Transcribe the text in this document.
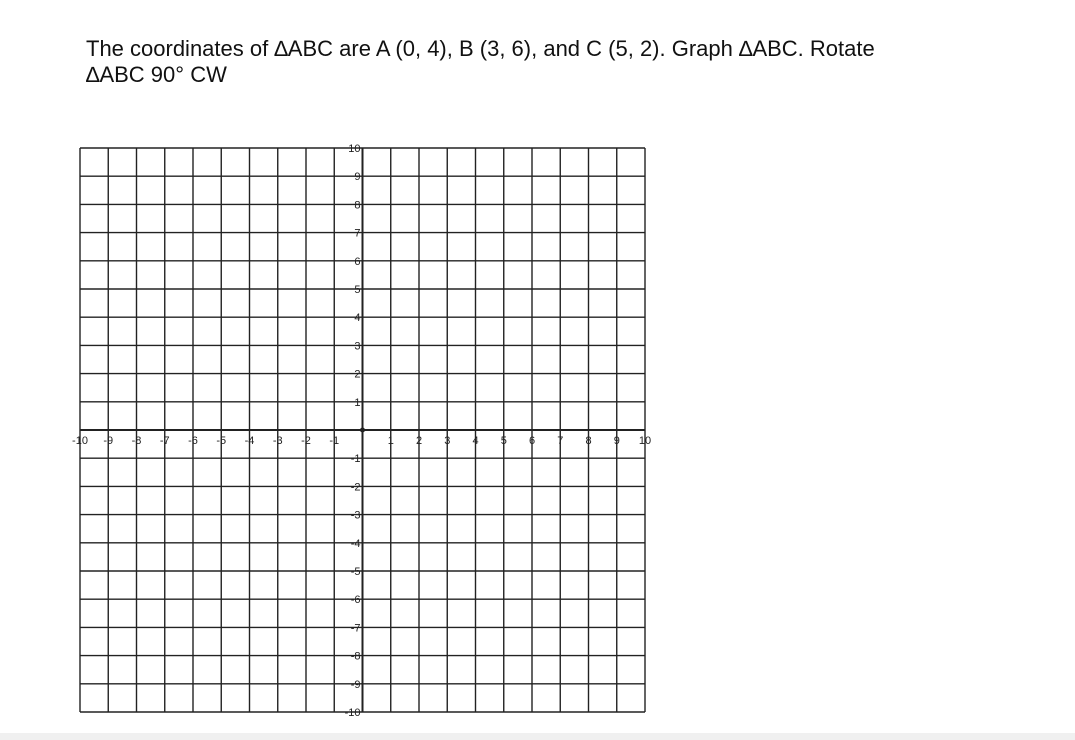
The coordinates of ∆ABC are A (0, 4), B (3, 6), and C (5, 2). Graph ∆ABC. Rotate
∆ABC 90° CW

-10 -9 -8 -7 -6 -5 -4 -3 -2 -1	1 2 3 4 5 6 7 8 9 10
10
9
8
7
6
5
4
3
2
1
-1
-2
-3
-4
-5
-6
-7
-8
-9
-10
